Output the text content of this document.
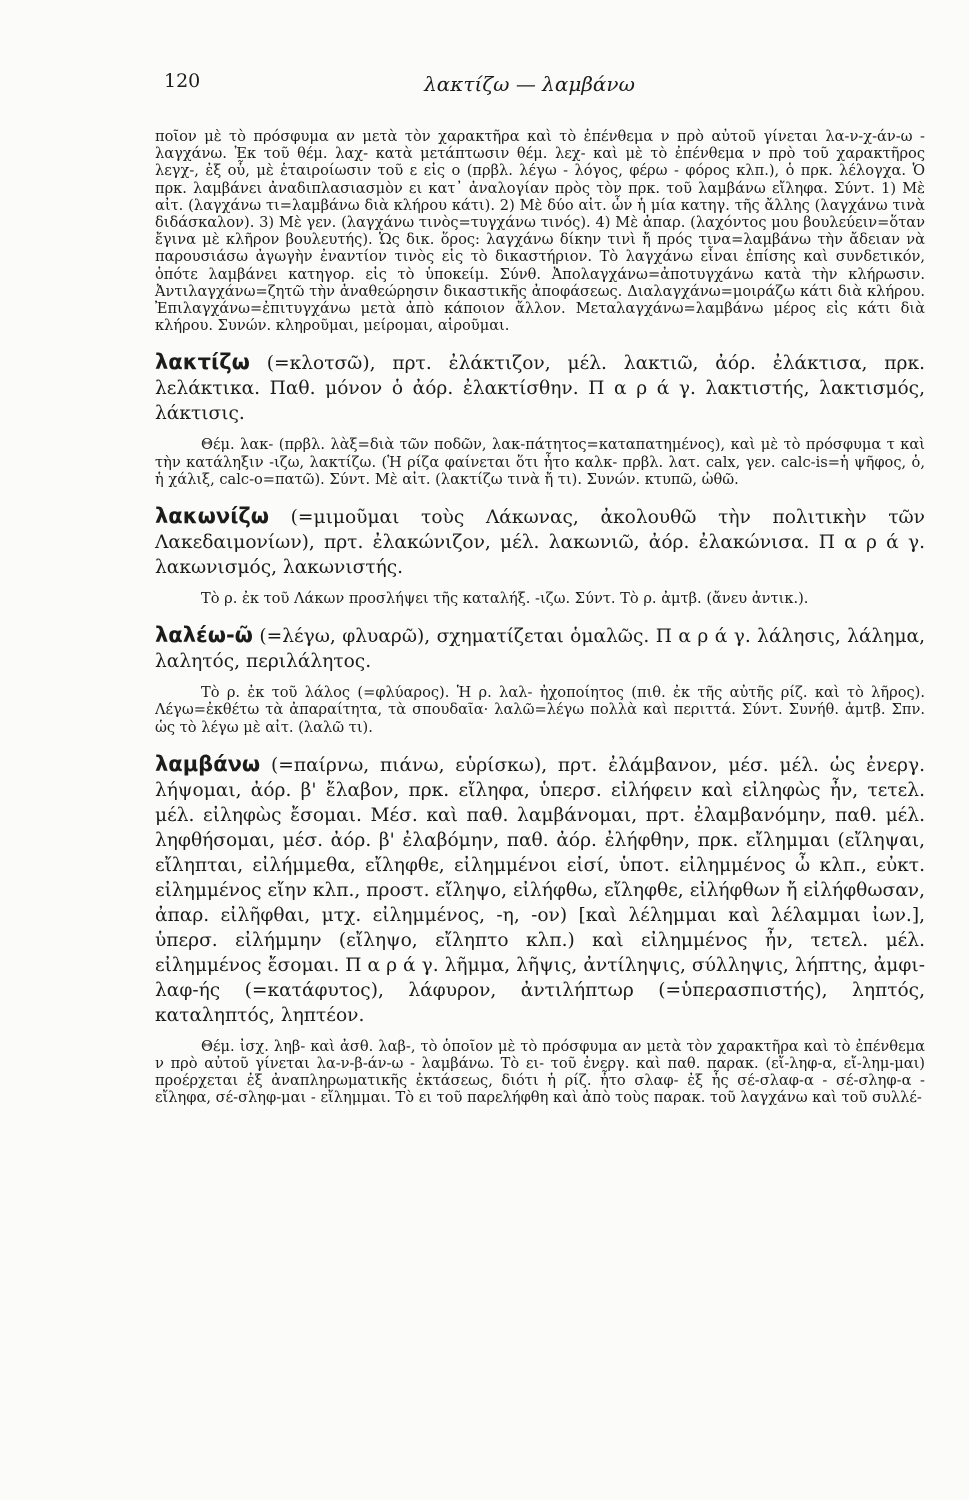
120	λακτίζω — λαμβάνω

ποῖον μὲ τὸ πρόσφυμα αν μετὰ τὸν χαρακτῆρα καὶ τὸ ἐπένθεμα ν πρὸ αὐτοῦ γίνεται λα-ν-χ-άν-ω - λαγχάνω. Ἐκ τοῦ θέμ. λαχ- κατὰ μετάπτωσιν θέμ. λεχ- καὶ μὲ τὸ ἐπένθεμα ν πρὸ τοῦ χαρακτῆρος λεγχ-, ἐξ οὗ, μὲ ἑταιροίωσιν τοῦ ε εἰς ο (πρβλ. λέγω - λόγος, φέρω - φόρος κλπ.), ὁ πρκ. λέλογχα. Ὁ πρκ. λαμβάνει ἀναδιπλασιασμὸν ει κατ᾽ ἀναλογίαν πρὸς τὸν πρκ. τοῦ λαμβάνω εἴληφα. Σύντ. 1) Μὲ αἰτ. (λαγχάνω τι=λαμβάνω διὰ κλήρου κάτι). 2) Μὲ δύο αἰτ. ὧν ἡ μία κατηγ. τῆς ἄλλης (λαγχάνω τινὰ διδάσκαλον). 3) Μὲ γεν. (λαγχάνω τινὸς=τυγχάνω τινός). 4) Μὲ ἀπαρ. (λαχόντος μου βουλεύειν=ὅταν ἔγινα μὲ κλῆρον βουλευτής). Ὡς δικ. ὅρος: λαγχάνω δίκην τινὶ ἤ πρός τινα=λαμβάνω τὴν ἄδειαν νὰ παρουσιάσω ἀγωγὴν ἐναντίον τινὸς εἰς τὸ δικαστήριον. Τὸ λαγχάνω εἶναι ἐπίσης καὶ συνδετικόν, ὁπότε λαμβάνει κατηγορ. εἰς τὸ ὑποκείμ. Σύνθ. Ἀπολαγχάνω=ἀποτυγχάνω κατὰ τὴν κλήρωσιν. Ἀντιλαγχάνω=ζητῶ τὴν ἀναθεώρησιν δικαστικῆς ἀποφάσεως. Διαλαγχάνω=μοιράζω κάτι διὰ κλήρου. Ἐπιλαγχάνω=ἐπιτυγχάνω μετὰ ἀπὸ κάποιον ἄλλον. Μεταλαγχάνω=λαμβάνω μέρος εἰς κάτι διὰ κλήρου. Συνών. κληροῦμαι, μείρομαι, αἱροῦμαι.

λακτίζω (=κλοτσῶ), πρτ. ἐλάκτιζον, μέλ. λακτιῶ, ἀόρ. ἐλάκτισα, πρκ. λελάκτικα. Παθ. μόνον ὁ ἀόρ. ἐλακτίσθην. Π α ρ ά γ. λακτιστής, λακτισμός, λάκτισις.

Θέμ. λακ- (πρβλ. λὰξ=διὰ τῶν ποδῶν, λακ-πάτητος=καταπατημένος), καὶ μὲ τὸ πρόσφυμα τ καὶ τὴν κατάληξιν -ιζω, λακτίζω. (Ἡ ρίζα φαίνεται ὅτι ἦτο καλκ- πρβλ. λατ. calx, γεν. calc-is=ἡ ψῆφος, ὁ, ἡ χάλιξ, calc-o=πατῶ). Σύντ. Μὲ αἰτ. (λακτίζω τινὰ ἤ τι). Συνών. κτυπῶ, ὠθῶ.

λακωνίζω (=μιμοῦμαι τοὺς Λάκωνας, ἀκολουθῶ τὴν πολιτικὴν τῶν Λακεδαιμονίων), πρτ. ἐλακώνιζον, μέλ. λακωνιῶ, ἀόρ. ἐλακώνισα. Π α ρ ά γ. λακωνισμός, λακωνιστής.

Τὸ ρ. ἐκ τοῦ Λάκων προσλήψει τῆς καταλήξ. -ιζω. Σύντ. Τὸ ρ. ἀμτβ. (ἄνευ ἀντικ.).

λαλέω-ῶ (=λέγω, φλυαρῶ), σχηματίζεται ὁμαλῶς. Π α ρ ά γ. λάλησις, λάλημα, λαλητός, περιλάλητος.

Τὸ ρ. ἐκ τοῦ λάλος (=φλύαρος). Ἡ ρ. λαλ- ἠχοποίητος (πιθ. ἐκ τῆς αὐτῆς ρίζ. καὶ τὸ λῆρος). Λέγω=ἐκθέτω τὰ ἀπαραίτητα, τὰ σπουδαῖα· λαλῶ=λέγω πολλὰ καὶ περιττά. Σύντ. Συνήθ. ἀμτβ. Σπν. ὡς τὸ λέγω μὲ αἰτ. (λαλῶ τι).

λαμβάνω (=παίρνω, πιάνω, εὑρίσκω), πρτ. ἐλάμβανον, μέσ. μέλ. ὡς ἐνεργ. λήψομαι, ἀόρ. β' ἔλαβον, πρκ. εἴληφα, ὑπερσ. εἰλήφειν καὶ εἰληφὼς ἦν, τετελ. μέλ. εἰληφὼς ἔσομαι. Μέσ. καὶ παθ. λαμβάνομαι, πρτ. ἐλαμβανόμην, παθ. μέλ. ληφθήσομαι, μέσ. ἀόρ. β' ἐλαβόμην, παθ. ἀόρ. ἐλήφθην, πρκ. εἴλημμαι (εἴληψαι, εἴληπται, εἰλήμμεθα, εἴληφθε, εἰλημμένοι εἰσί, ὑποτ. εἰλημμένος ὦ κλπ., εὐκτ. εἰλημμένος εἴην κλπ., προστ. εἴληψο, εἰλήφθω, εἴληφθε, εἰλήφθων ἤ εἰλήφθωσαν, ἀπαρ. εἰλῆφθαι, μτχ. εἰλημμένος, -η, -ον) [καὶ λέλημμαι καὶ λέλαμμαι ἰων.], ὑπερσ. εἰλήμμην (εἴληψο, εἴληπτο κλπ.) καὶ εἰλημμένος ἦν, τετελ. μέλ. εἰλημμένος ἔσομαι. Π α ρ ά γ. λῆμμα, λῆψις, ἀντίληψις, σύλληψις, λήπτης, ἀμφι-λαφ-ής (=κατάφυτος), λάφυρον, ἀντιλήπτωρ (=ὑπερασπιστής), ληπτός, καταληπτός, ληπτέον.

Θέμ. ἰσχ. ληβ- καὶ ἀσθ. λαβ-, τὸ ὁποῖον μὲ τὸ πρόσφυμα αν μετὰ τὸν χαρακτῆρα καὶ τὸ ἐπένθεμα ν πρὸ αὐτοῦ γίνεται λα-ν-β-άν-ω - λαμβάνω. Τὸ ει- τοῦ ἐνεργ. καὶ παθ. παρακ. (εἴ-ληφ-α, εἴ-λημ-μαι) προέρχεται ἐξ ἀναπληρωματικῆς ἐκτάσεως, διότι ἡ ρίζ. ἦτο σλαφ- ἐξ ἧς σέ-σλαφ-α - σέ-σληφ-α - εἴληφα, σέ-σληφ-μαι - εἴλημμαι. Τὸ ει τοῦ παρελήφθη καὶ ἀπὸ τοὺς παρακ. τοῦ λαγχάνω καὶ τοῦ συλλέ-
